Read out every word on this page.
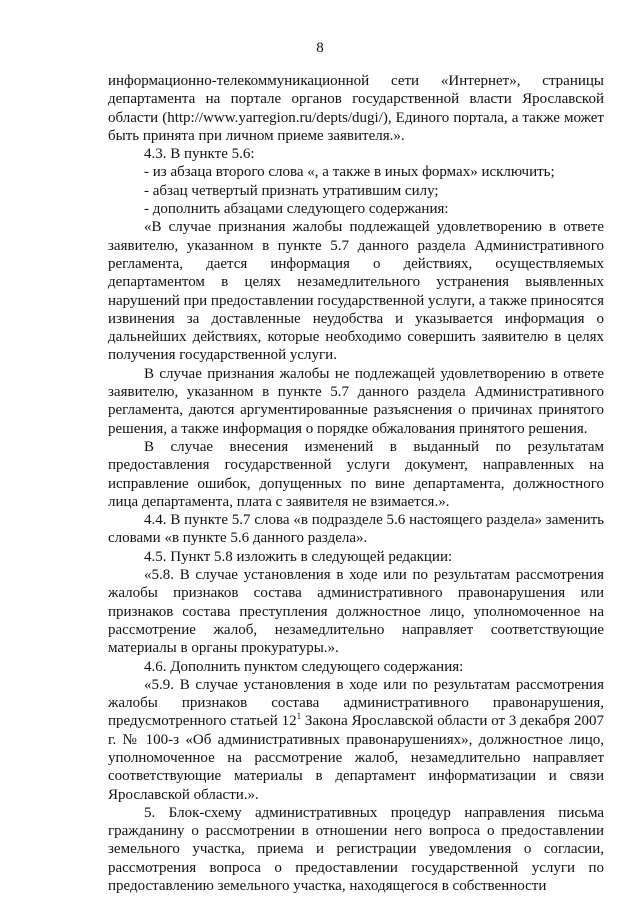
8

информационно-телекоммуникационной сети «Интернет», страницы департамента на портале органов государственной власти Ярославской области (http://www.yarregion.ru/depts/dugi/), Единого портала, а также может быть принята при личном приеме заявителя.».

4.3. В пункте 5.6:

- из абзаца второго слова «, а также в иных формах» исключить;

- абзац четвертый признать утратившим силу;

- дополнить абзацами следующего содержания:

«В случае признания жалобы подлежащей удовлетворению в ответе заявителю, указанном в пункте 5.7 данного раздела Административного регламента, дается информация о действиях, осуществляемых департаментом в целях незамедлительного устранения выявленных нарушений при предоставлении государственной услуги, а также приносятся извинения за доставленные неудобства и указывается информация о дальнейших действиях, которые необходимо совершить заявителю в целях получения государственной услуги.

В случае признания жалобы не подлежащей удовлетворению в ответе заявителю, указанном в пункте 5.7 данного раздела Административного регламента, даются аргументированные разъяснения о причинах принятого решения, а также информация о порядке обжалования принятого решения.

В случае внесения изменений в выданный по результатам предоставления государственной услуги документ, направленных на исправление ошибок, допущенных по вине департамента, должностного лица департамента, плата с заявителя не взимается.».

4.4. В пункте 5.7 слова «в подразделе 5.6 настоящего раздела» заменить словами «в пункте 5.6 данного раздела».

4.5. Пункт 5.8 изложить в следующей редакции:

«5.8. В случае установления в ходе или по результатам рассмотрения жалобы признаков состава административного правонарушения или признаков состава преступления должностное лицо, уполномоченное на рассмотрение жалоб, незамедлительно направляет соответствующие материалы в органы прокуратуры.».

4.6. Дополнить пунктом следующего содержания:

«5.9. В случае установления в ходе или по результатам рассмотрения жалобы признаков состава административного правонарушения, предусмотренного статьей $12^1$ Закона Ярославской области от 3 декабря 2007 г. № 100-з «Об административных правонарушениях», должностное лицо, уполномоченное на рассмотрение жалоб, незамедлительно направляет соответствующие материалы в департамент информатизации и связи Ярославской области.».

5. Блок-схему административных процедур направления письма гражданину о рассмотрении в отношении него вопроса о предоставлении земельного участка, приема и регистрации уведомления о согласии, рассмотрения вопроса о предоставлении государственной услуги по предоставлению земельного участка, находящегося в собственности
